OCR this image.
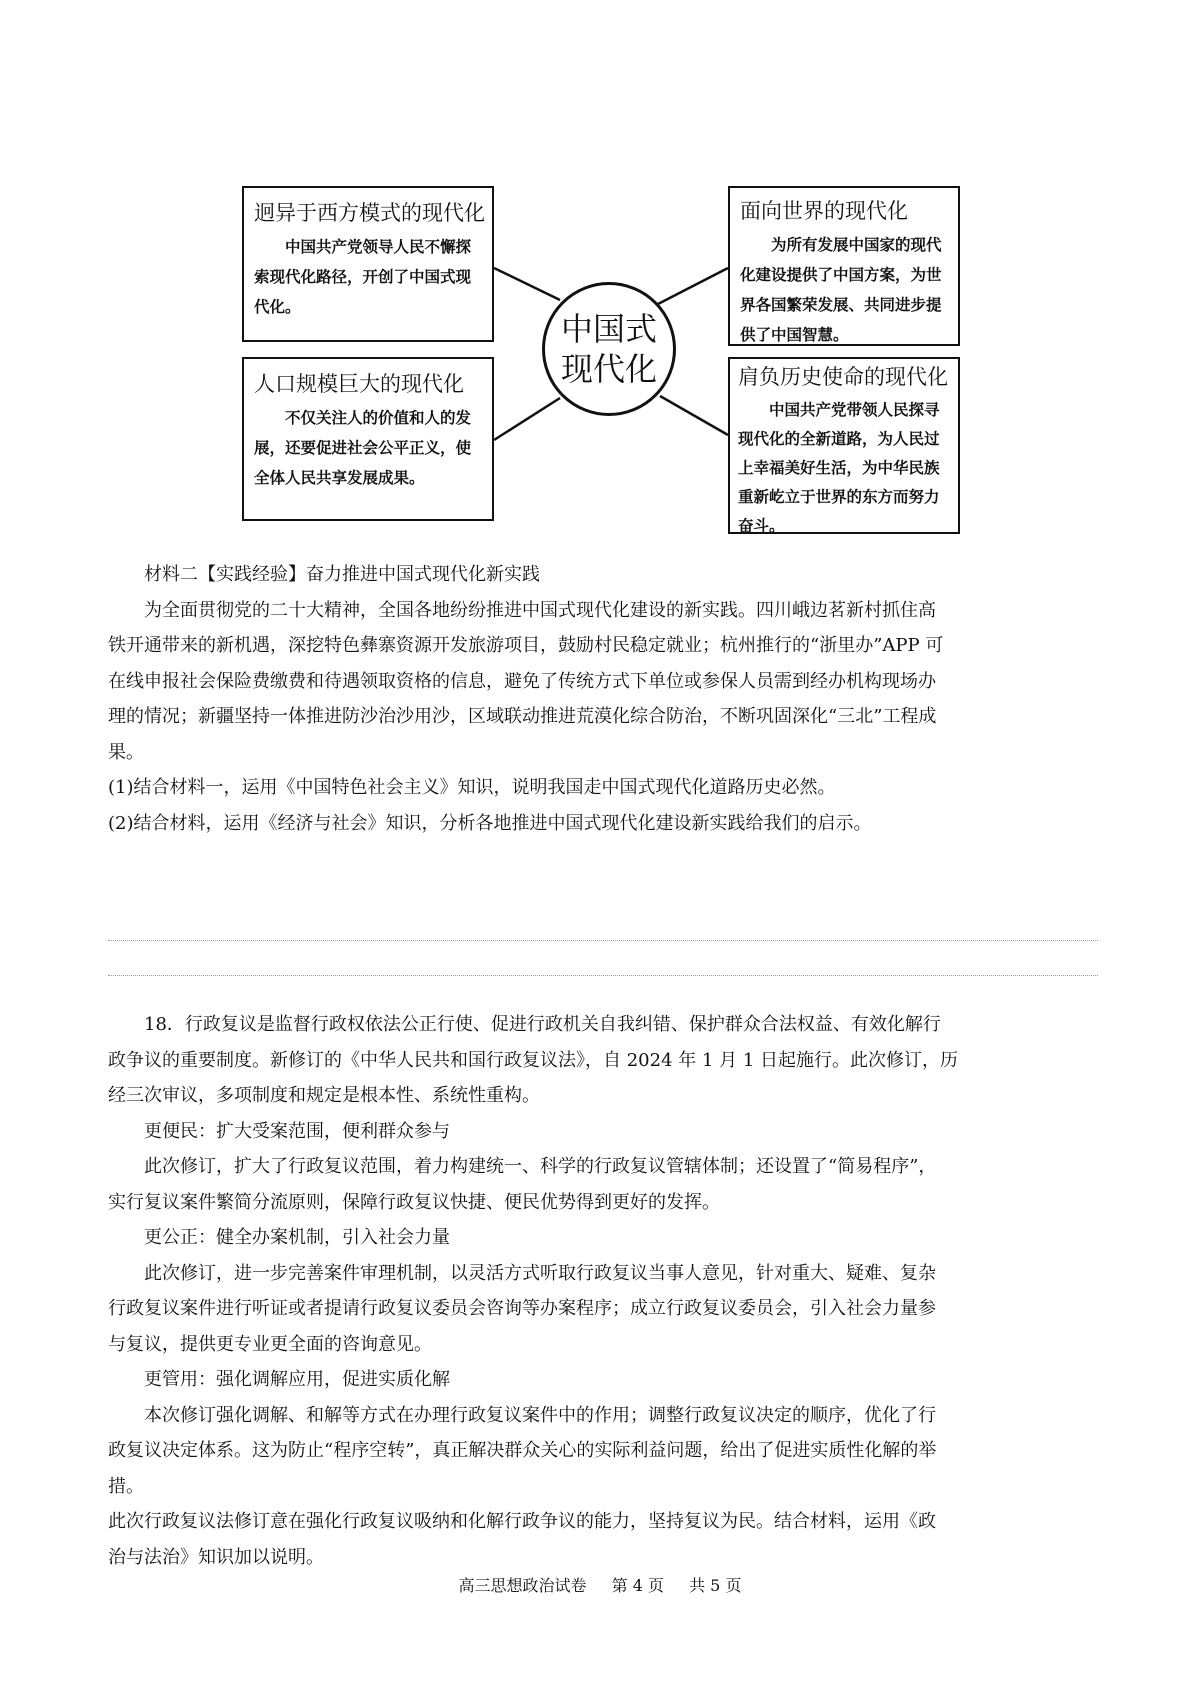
迥异于西方模式的现代化
中国共产党领导人民不懈探索现代化路径，开创了中国式现代化。
人口规模巨大的现代化
不仅关注人的价值和人的发展，还要促进社会公平正义，使全体人民共享发展成果。
面向世界的现代化
为所有发展中国家的现代化建设提供了中国方案，为世界各国繁荣发展、共同进步提供了中国智慧。
肩负历史使命的现代化
中国共产党带领人民探寻现代化的全新道路，为人民过上幸福美好生活，为中华民族重新屹立于世界的东方而努力奋斗。
中国式现代化
材料二【实践经验】奋力推进中国式现代化新实践
为全面贯彻党的二十大精神，全国各地纷纷推进中国式现代化建设的新实践。四川峨边茗新村抓住高
铁开通带来的新机遇，深挖特色彝寨资源开发旅游项目，鼓励村民稳定就业；杭州推行的“浙里办”APP 可
在线申报社会保险费缴费和待遇领取资格的信息，避免了传统方式下单位或参保人员需到经办机构现场办
理的情况；新疆坚持一体推进防沙治沙用沙，区域联动推进荒漠化综合防治，不断巩固深化“三北”工程成
果。
(1)结合材料一，运用《中国特色社会主义》知识，说明我国走中国式现代化道路历史必然。
(2)结合材料，运用《经济与社会》知识，分析各地推进中国式现代化建设新实践给我们的启示。
18．行政复议是监督行政权依法公正行使、促进行政机关自我纠错、保护群众合法权益、有效化解行
政争议的重要制度。新修订的《中华人民共和国行政复议法》，自 2024 年 1 月 1 日起施行。此次修订，历
经三次审议，多项制度和规定是根本性、系统性重构。
更便民：扩大受案范围，便利群众参与
此次修订，扩大了行政复议范围，着力构建统一、科学的行政复议管辖体制；还设置了“简易程序”，
实行复议案件繁简分流原则，保障行政复议快捷、便民优势得到更好的发挥。
更公正：健全办案机制，引入社会力量
此次修订，进一步完善案件审理机制，以灵活方式听取行政复议当事人意见，针对重大、疑难、复杂
行政复议案件进行听证或者提请行政复议委员会咨询等办案程序；成立行政复议委员会，引入社会力量参
与复议，提供更专业更全面的咨询意见。
更管用：强化调解应用，促进实质化解
本次修订强化调解、和解等方式在办理行政复议案件中的作用；调整行政复议决定的顺序，优化了行
政复议决定体系。这为防止“程序空转”，真正解决群众关心的实际利益问题，给出了促进实质性化解的举
措。
此次行政复议法修订意在强化行政复议吸纳和化解行政争议的能力，坚持复议为民。结合材料，运用《政
治与法治》知识加以说明。
高三思想政治试卷 第 4 页 共 5 页
